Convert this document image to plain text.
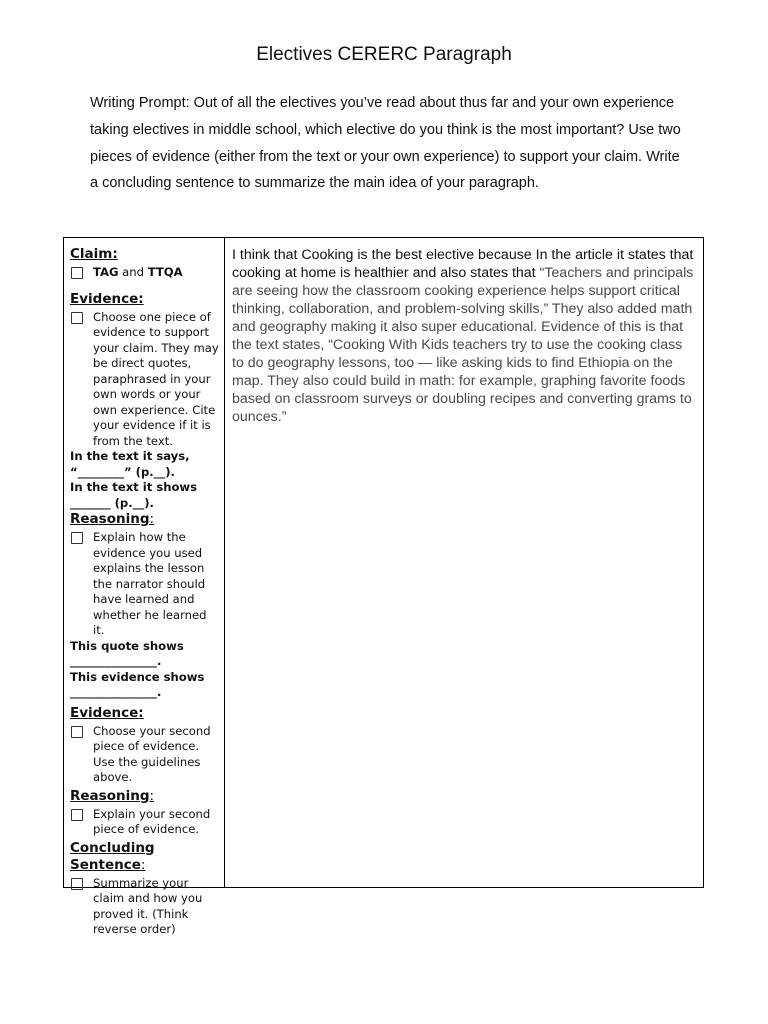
Electives CERERC Paragraph
Writing Prompt: Out of all the electives you’ve read about thus far and your own experience taking electives in middle school, which elective do you think is the most important? Use two pieces of evidence (either from the text or your own experience) to support your claim. Write a concluding sentence to summarize the main idea of your paragraph.
Claim:
TAG and TTQA
Evidence:
Choose one piece of evidence to support your claim. They may be direct quotes, paraphrased in your own words or your own experience. Cite your evidence if it is from the text.
In the text it says, “________” (p.__).
In the text it shows _______ (p.__).
Reasoning:
Explain how the evidence you used explains the lesson the narrator should have learned and whether he learned it.
This quote shows _______________.
This evidence shows _______________.
Evidence:
Choose your second piece of evidence. Use the guidelines above.
Reasoning:
Explain your second piece of evidence.
Concluding Sentence:
Summarize your claim and how you proved it. (Think reverse order)
I think that Cooking is the best elective because In the article it states that cooking at home is healthier and also states that “Teachers and principals are seeing how the classroom cooking experience helps support critical thinking, collaboration, and problem-solving skills,” They also added math and geography making it also super educational. Evidence of this is that the text states, “Cooking With Kids teachers try to use the cooking class to do geography lessons, too — like asking kids to find Ethiopia on the map. They also could build in math: for example, graphing favorite foods based on classroom surveys or doubling recipes and converting grams to ounces.”
